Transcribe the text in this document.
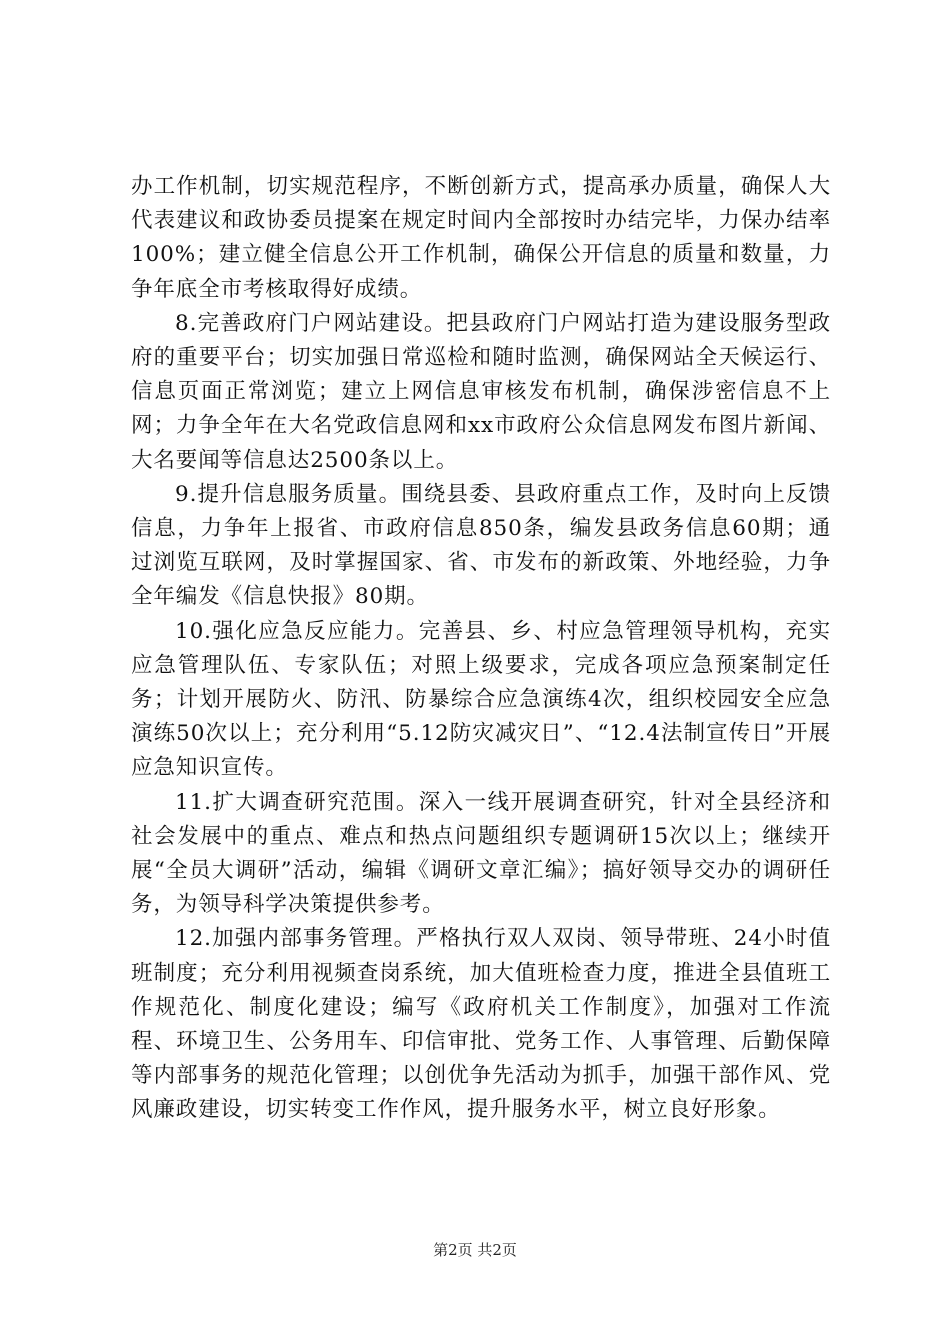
办工作机制，切实规范程序，不断创新方式，提高承办质量，确保人大代表建议和政协委员提案在规定时间内全部按时办结完毕，力保办结率100%；建立健全信息公开工作机制，确保公开信息的质量和数量，力争年底全市考核取得好成绩。

8.完善政府门户网站建设。把县政府门户网站打造为建设服务型政府的重要平台；切实加强日常巡检和随时监测，确保网站全天候运行、信息页面正常浏览；建立上网信息审核发布机制，确保涉密信息不上网；力争全年在大名党政信息网和xx市政府公众信息网发布图片新闻、大名要闻等信息达2500条以上。

9.提升信息服务质量。围绕县委、县政府重点工作，及时向上反馈信息，力争年上报省、市政府信息850条，编发县政务信息60期；通过浏览互联网，及时掌握国家、省、市发布的新政策、外地经验，力争全年编发《信息快报》80期。

10.强化应急反应能力。完善县、乡、村应急管理领导机构，充实应急管理队伍、专家队伍；对照上级要求，完成各项应急预案制定任务；计划开展防火、防汛、防暴综合应急演练4次，组织校园安全应急演练50次以上；充分利用“5.12防灾减灾日”、“12.4法制宣传日”开展应急知识宣传。

11.扩大调查研究范围。深入一线开展调查研究，针对全县经济和社会发展中的重点、难点和热点问题组织专题调研15次以上；继续开展“全员大调研”活动，编辑《调研文章汇编》；搞好领导交办的调研任务，为领导科学决策提供参考。

12.加强内部事务管理。严格执行双人双岗、领导带班、24小时值班制度；充分利用视频查岗系统，加大值班检查力度，推进全县值班工作规范化、制度化建设；编写《政府机关工作制度》，加强对工作流程、环境卫生、公务用车、印信审批、党务工作、人事管理、后勤保障等内部事务的规范化管理；以创优争先活动为抓手，加强干部作风、党风廉政建设，切实转变工作作风，提升服务水平，树立良好形象。

第2页 共2页
